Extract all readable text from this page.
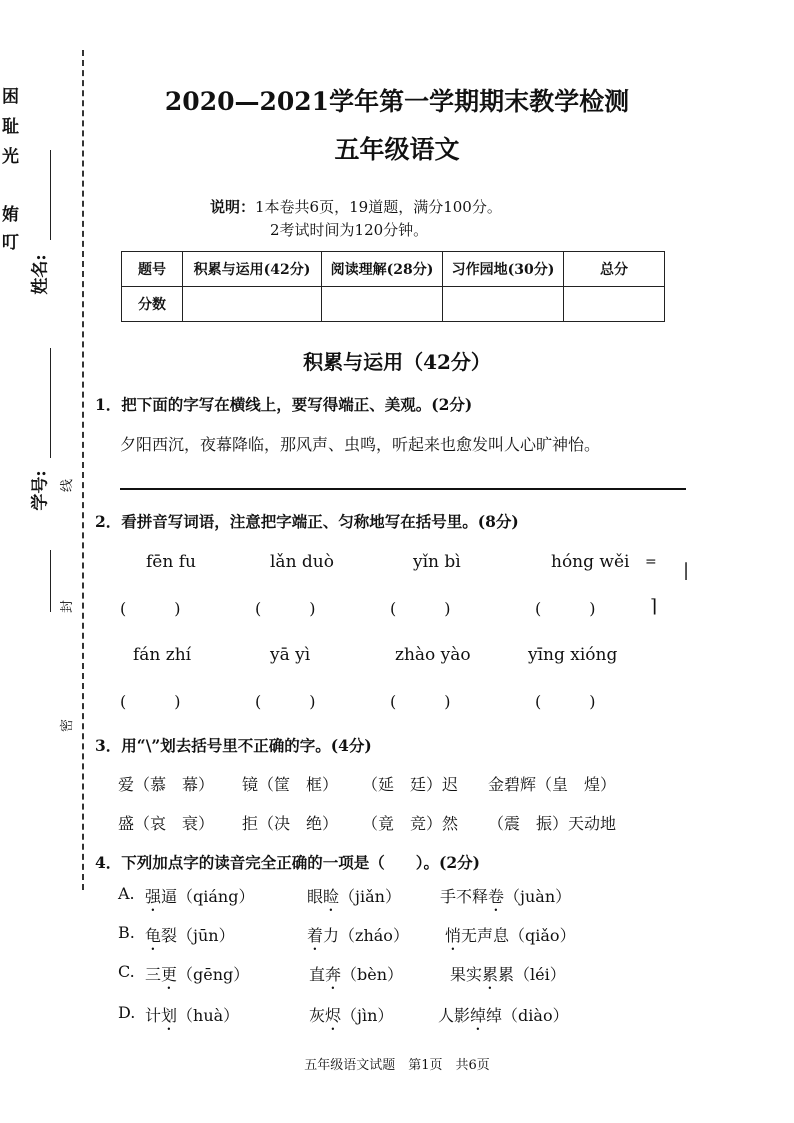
困
耻
光
姷
叮
姓名:
学号: 线
封
密
2020—2021学年第一学期期末教学检测
五年级语文
说明：1本卷共6页，19道题，满分100分。
2考试时间为120分钟。
题号	积累与运用(42分)	阅读理解(28分)	习作园地(30分)	总分
分数				
积累与运用（42分）
1．把下面的字写在横线上，要写得端正、美观。(2分)
夕阳西沉，夜幕降临，那风声、虫鸣，听起来也愈发叫人心旷神怡。
2．看拼音写词语，注意把字端正、匀称地写在括号里。(8分)
fēn fu	lǎn duò	yǐn bì	hóng wěi
(　　　)	(　　　)	(　　　)	(　　　)
= |
⌉
fán zhí	yā yì	zhào yào	yīng xióng
(　　　)	(　　　)	(　　　)	(　　　)
3．用“\”划去括号里不正确的字。(4分)
爱（慕　幕） 镜（筐　框） （延　廷）迟 金碧辉（皇　煌）
盛（哀　衰） 拒（决　绝） （竟　竞）然 （震　振）天动地
4．下列加点字的读音完全正确的一项是（　　）。(2分)
A. 强逼（qiáng）	眼睑（jiǎn） 手不释卷（juàn）
B. 龟裂（jūn）	着力（zháo） 悄无声息（qiǎo）
C. 三更（gēng）	直奔（bèn）	果实累累（léi）
D. 计划（huà）	灰烬（jìn）	人影绰绰（diào）
五年级语文试题　第1页　共6页
